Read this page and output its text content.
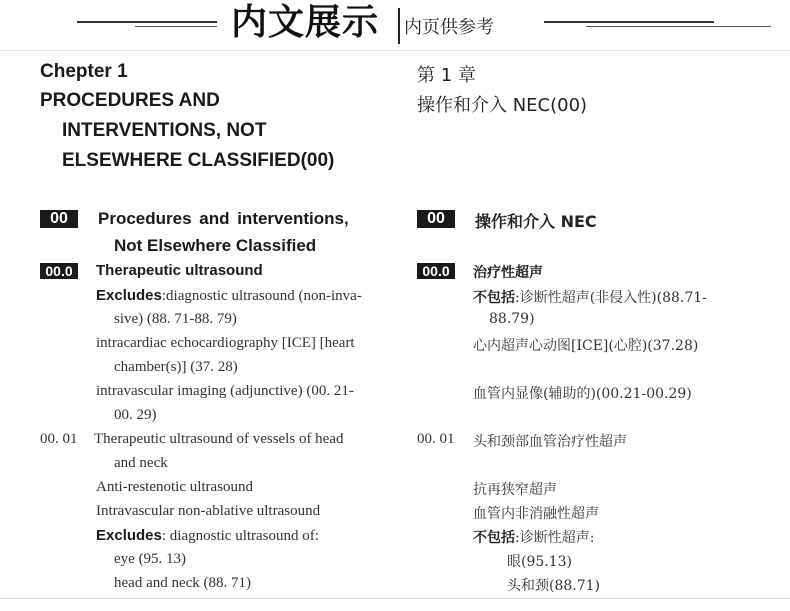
内文展示 内页供参考
Chepter 1
PROCEDURES AND
INTERVENTIONS, NOT
ELSEWHERE CLASSIFIED(00)
00	Procedures and interventions,
Not Elsewhere Classified
00.0	Therapeutic ultrasound
Excludes:diagnostic ultrasound (non-inva-
sive) (88. 71-88. 79)
intracardiac echocardiography [ICE] [heart
chamber(s)] (37. 28)
intravascular imaging (adjunctive) (00. 21-
00. 29)
00. 01 Therapeutic ultrasound of vessels of head
and neck
Anti-restenotic ultrasound
Intravascular non-ablative ultrasound
Excludes: diagnostic ultrasound of:
eye (95. 13)
head and neck (88. 71)
第 1 章
操作和介入 NEC(00)
00	操作和介入 NEC
00.0	治疗性超声
不包括:诊断性超声(非侵入性)(88.71-
88.79)
心内超声心动图[ICE](心腔)(37.28)
血管内显像(辅助的)(00.21-00.29)
00. 01 头和颈部血管治疗性超声
抗再狭窄超声
血管内非消融性超声
不包括:诊断性超声:
眼(95.13)
头和颈(88.71)
